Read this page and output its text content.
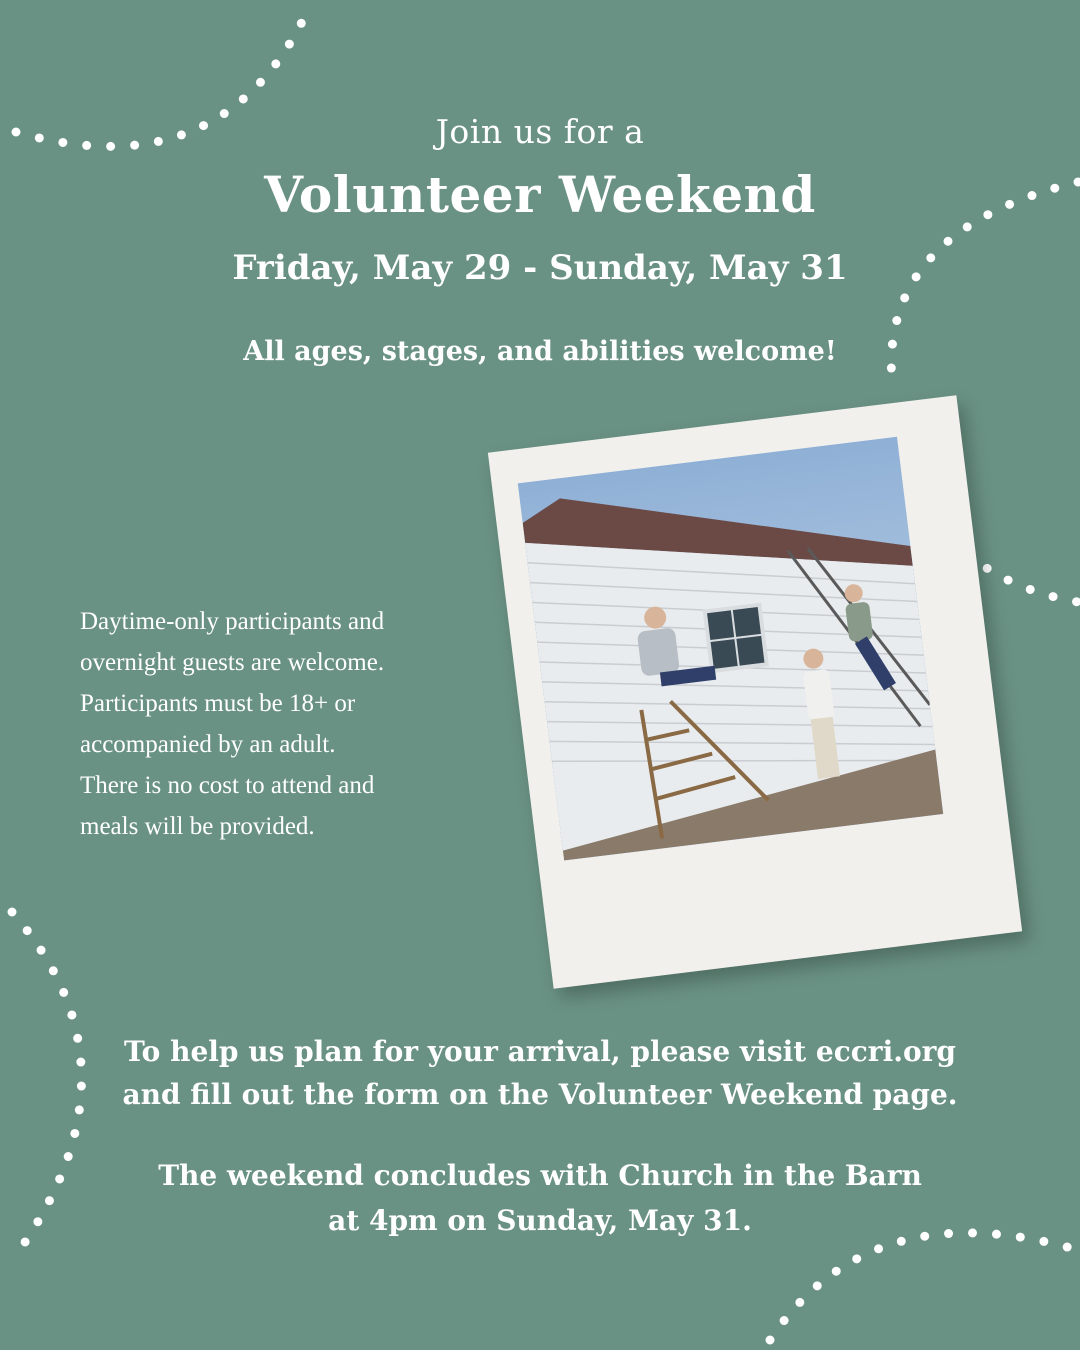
Join us for a
Volunteer Weekend
Friday, May 29 - Sunday, May 31
All ages, stages, and abilities welcome!
Daytime-only participants and
overnight guests are welcome.
Participants must be 18+ or
accompanied by an adult.
There is no cost to attend and
meals will be provided.
To help us plan for your arrival, please visit eccri.org
and fill out the form on the Volunteer Weekend page.
The weekend concludes with Church in the Barn
at 4pm on Sunday, May 31.
